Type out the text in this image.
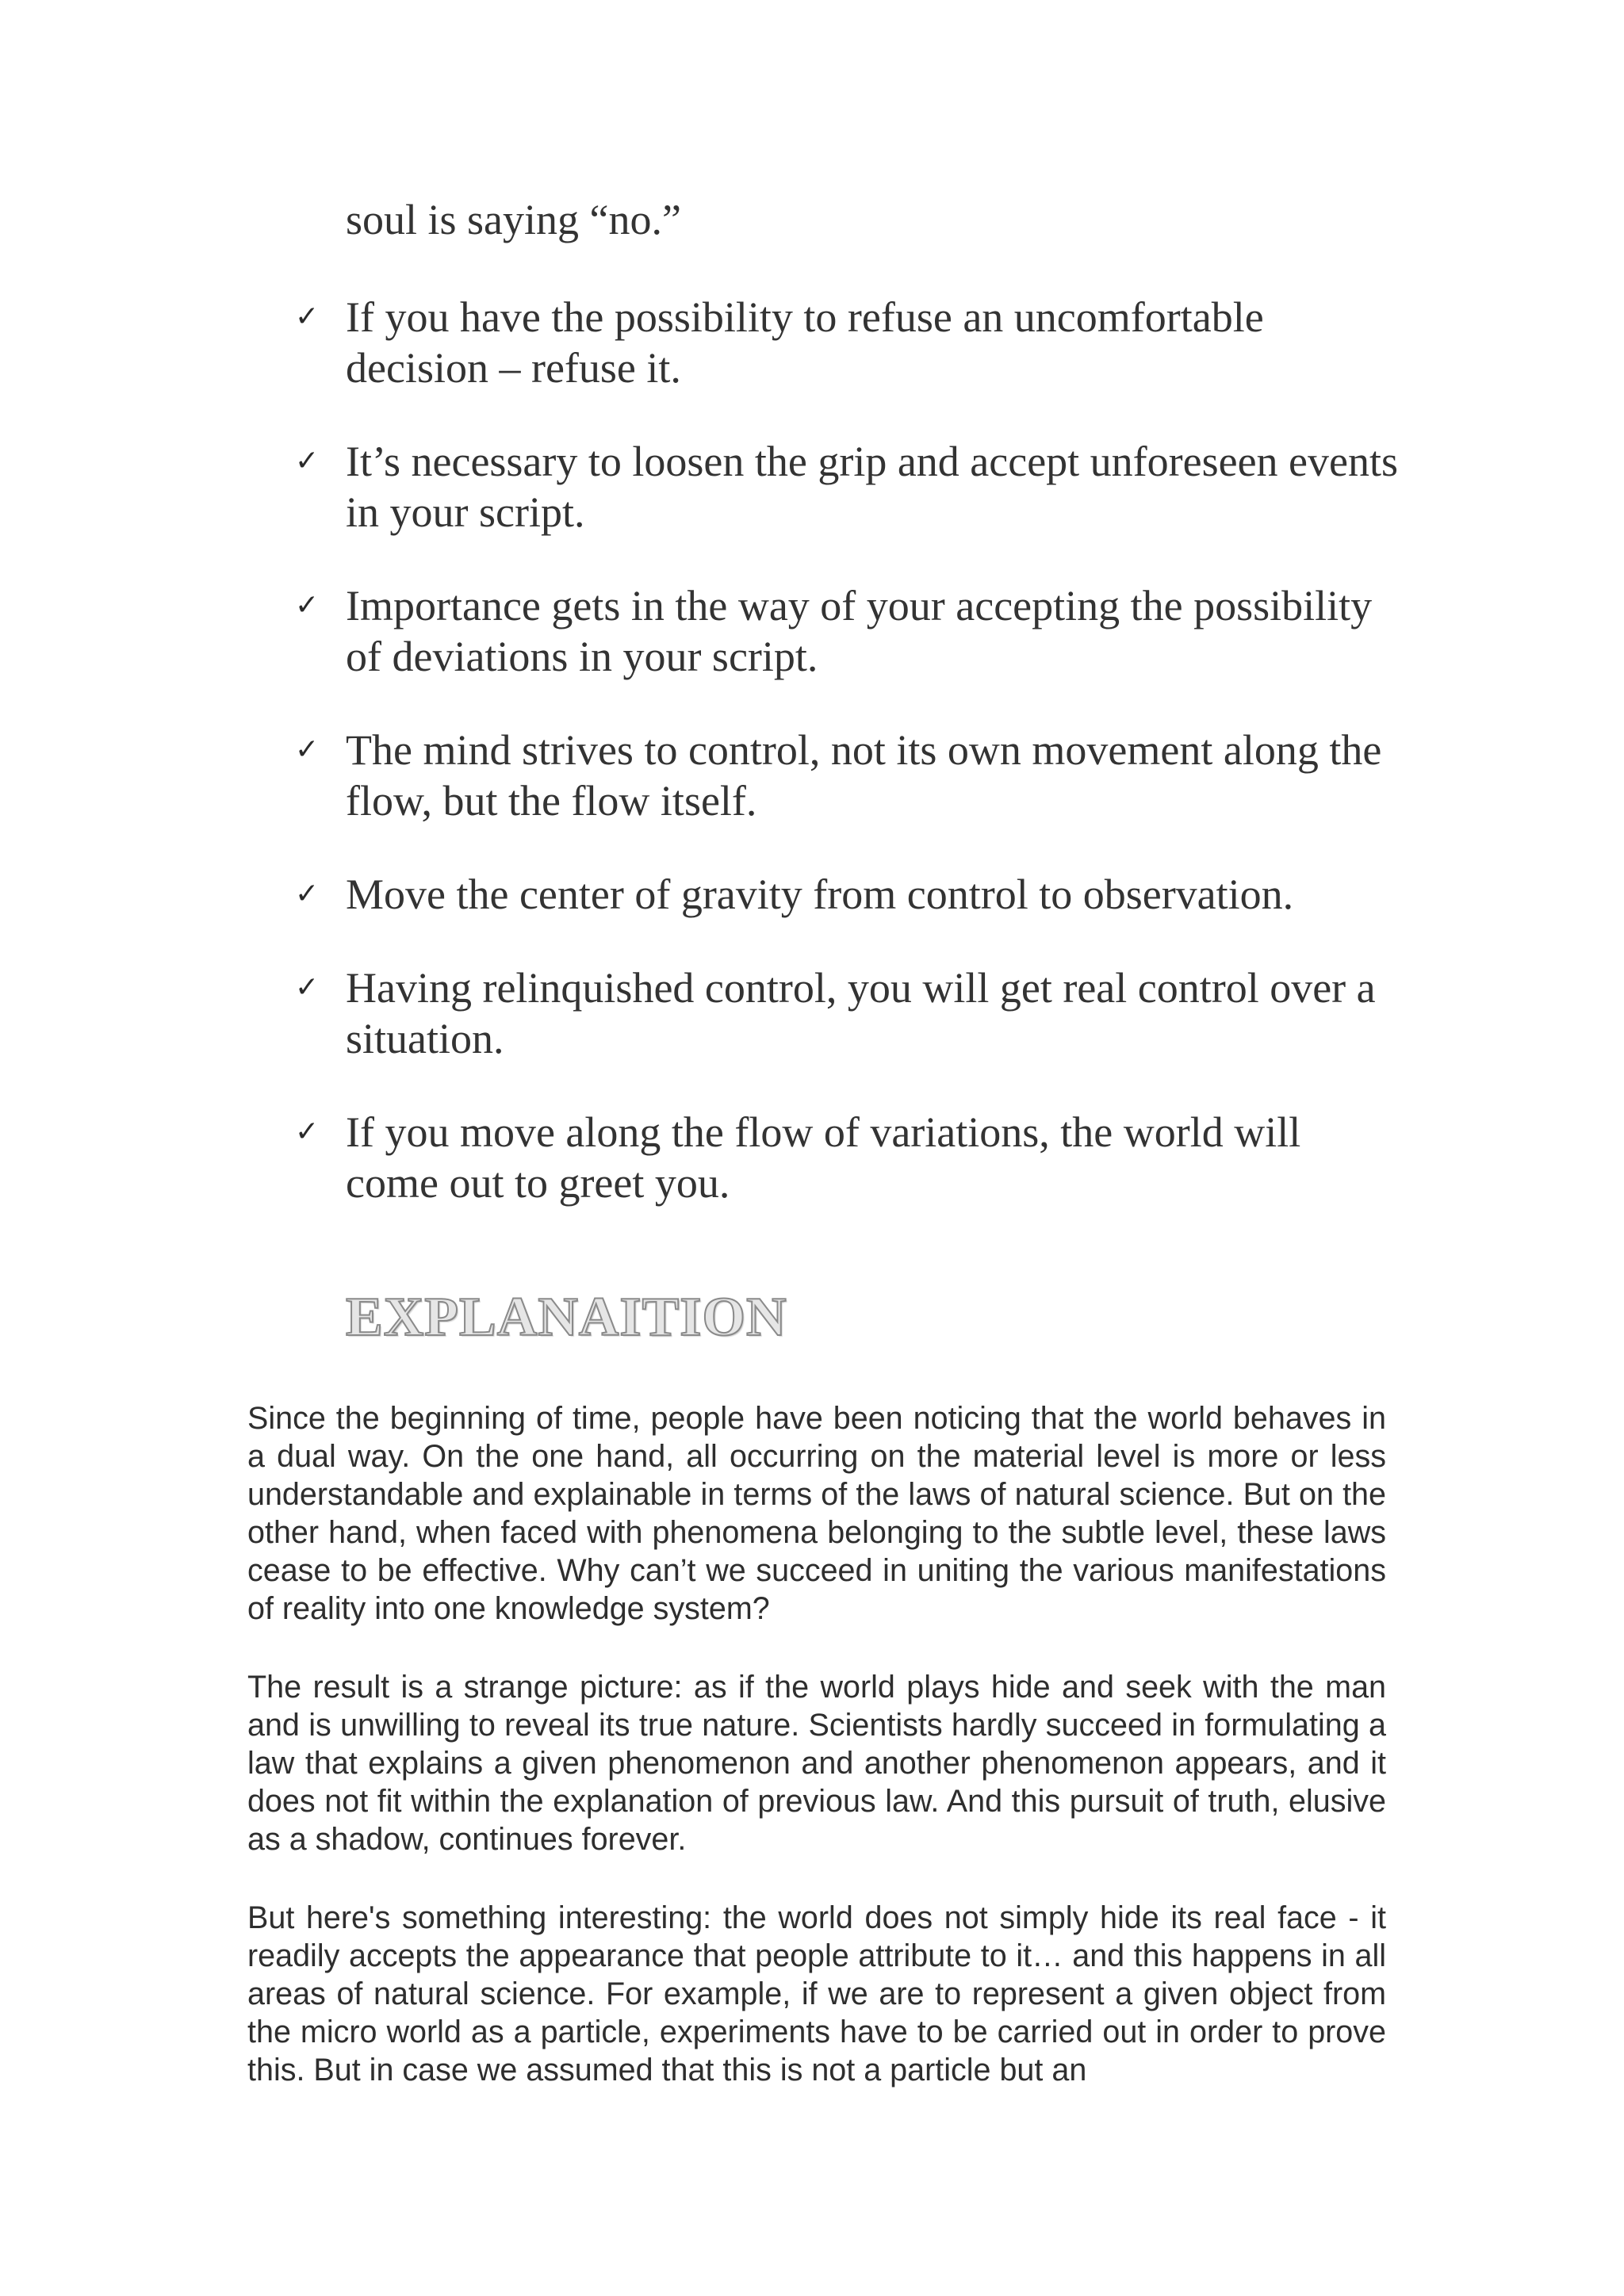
soul is saying “no.”

✓ If you have the possibility to refuse an uncomfortable decision – refuse it.
✓ It’s necessary to loosen the grip and accept unforeseen events in your script.
✓ Importance gets in the way of your accepting the possibility of deviations in your script.
✓ The mind strives to control, not its own movement along the flow, but the flow itself.
✓ Move the center of gravity from control to observation.
✓ Having relinquished control, you will get real control over a situation.
✓ If you move along the flow of variations, the world will come out to greet you.
EXPLANAITION

Since the beginning of time, people have been noticing that the world behaves in a dual way. On the one hand, all occurring on the material level is more or less understandable and explainable in terms of the laws of natural science. But on the other hand, when faced with phenomena belonging to the subtle level, these laws cease to be effective. Why can’t we succeed in uniting the various manifestations of reality into one knowledge system?

The result is a strange picture: as if the world plays hide and seek with the man and is unwilling to reveal its true nature. Scientists hardly succeed in formulating a law that explains a given phenomenon and another phenomenon appears, and it does not fit within the explanation of previous law. And this pursuit of truth, elusive as a shadow, continues forever.

But here's something interesting: the world does not simply hide its real face - it readily accepts the appearance that people attribute to it… and this happens in all areas of natural science. For example, if we are to represent a given object from the micro world as a particle, experiments have to be carried out in order to prove this. But in case we assumed that this is not a particle but an
